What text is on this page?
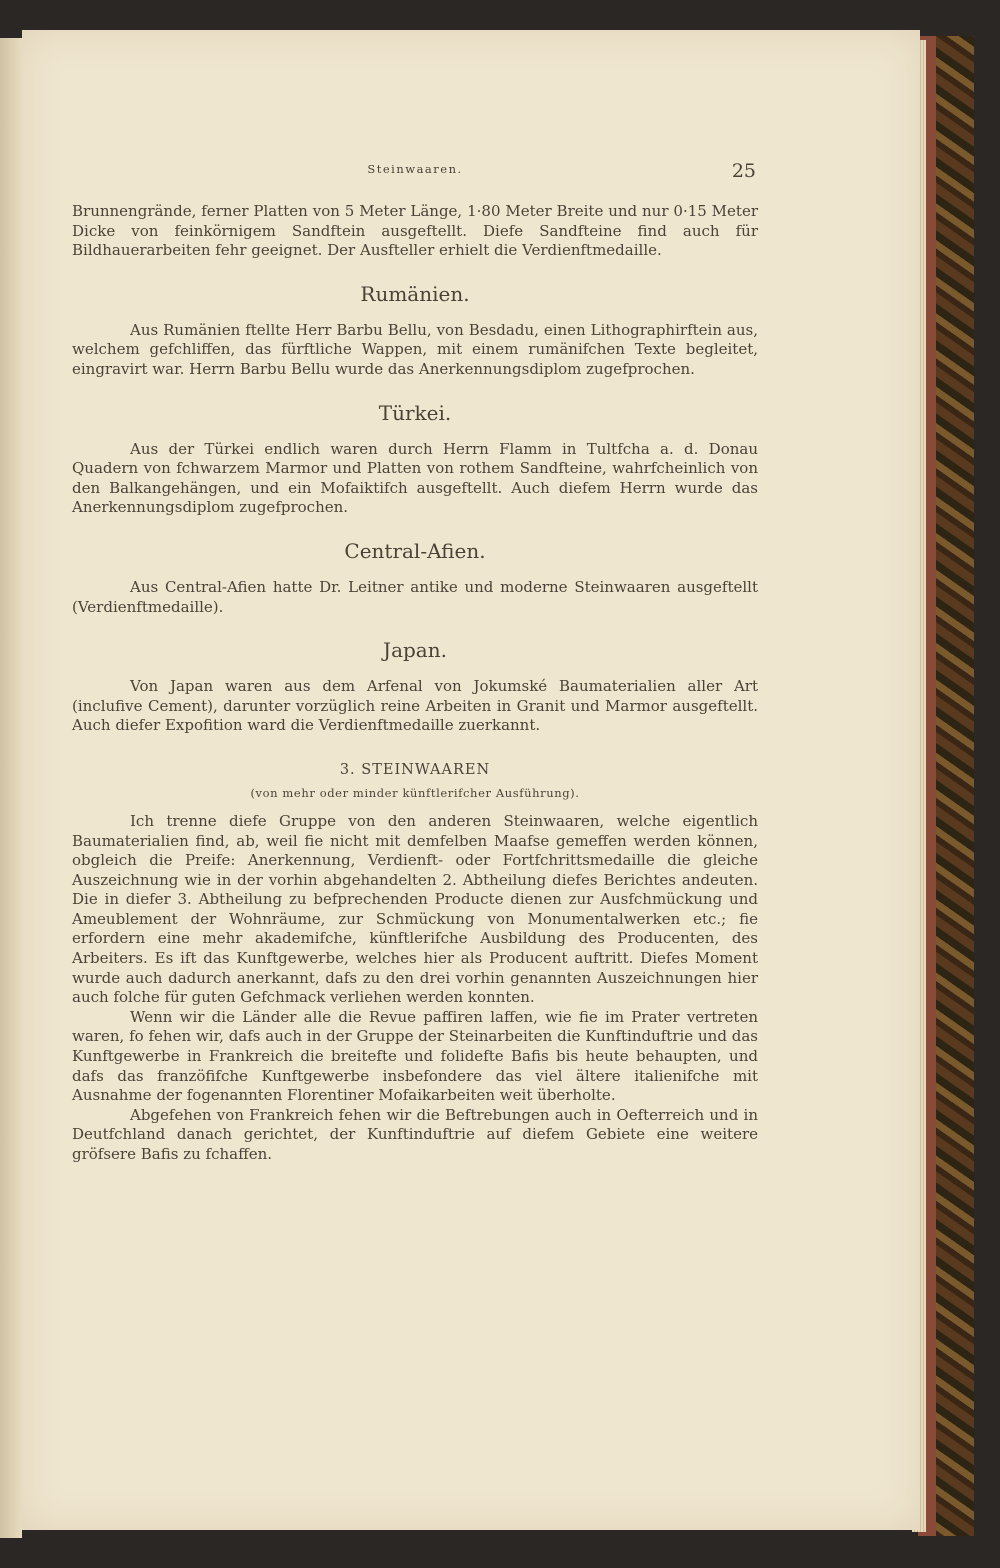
Steinwaaren.	25

Brunnengrände, ferner Platten von 5 Meter Länge, 1·80 Meter Breite und nur 0·15 Meter Dicke von feinkörnigem Sandftein ausgeftellt. Diefe Sandfteine find auch für Bildhauerarbeiten fehr geeignet. Der Ausfteller erhielt die Verdienftmedaille.

Rumänien.

Aus Rumänien ftellte Herr Barbu Bellu, von Besdadu, einen Lithographirftein aus, welchem gefchliffen, das fürftliche Wappen, mit einem rumänifchen Texte begleitet, eingravirt war. Herrn Barbu Bellu wurde das Anerkennungsdiplom zugefprochen.

Türkei.

Aus der Türkei endlich waren durch Herrn Flamm in Tultfcha a. d. Donau Quadern von fchwarzem Marmor und Platten von rothem Sandfteine, wahrfcheinlich von den Balkangehängen, und ein Mofaiktifch ausgeftellt. Auch diefem Herrn wurde das Anerkennungsdiplom zugefprochen.

Central-Afien.

Aus Central-Afien hatte Dr. Leitner antike und moderne Steinwaaren ausgeftellt (Verdienftmedaille).

Japan.

Von Japan waren aus dem Arfenal von Jokumské Baumaterialien aller Art (inclufive Cement), darunter vorzüglich reine Arbeiten in Granit und Marmor ausgeftellt. Auch diefer Expofition ward die Verdienftmedaille zuerkannt.

3. STEINWAAREN
(von mehr oder minder künftlerifcher Ausführung).

Ich trenne diefe Gruppe von den anderen Steinwaaren, welche eigentlich Baumaterialien find, ab, weil fie nicht mit demfelben Maafse gemeffen werden können, obgleich die Preife: Anerkennung, Verdienft- oder Fortfchrittsmedaille die gleiche Auszeichnung wie in der vorhin abgehandelten 2. Abtheilung diefes Berichtes andeuten. Die in diefer 3. Abtheilung zu befprechenden Producte dienen zur Ausfchmückung und Ameublement der Wohnräume, zur Schmückung von Monumentalwerken etc.; fie erfordern eine mehr akademifche, künftlerifche Ausbildung des Producenten, des Arbeiters. Es ift das Kunftgewerbe, welches hier als Producent auftritt. Diefes Moment wurde auch dadurch anerkannt, dafs zu den drei vorhin genannten Auszeichnungen hier auch folche für guten Gefchmack verliehen werden konnten.

Wenn wir die Länder alle die Revue paffiren laffen, wie fie im Prater vertreten waren, fo fehen wir, dafs auch in der Gruppe der Steinarbeiten die Kunftinduftrie und das Kunftgewerbe in Frankreich die breitefte und folidefte Bafis bis heute behaupten, und dafs das franzöfifche Kunftgewerbe insbefondere das viel ältere italienifche mit Ausnahme der fogenannten Florentiner Mofaikarbeiten weit überholte.

Abgefehen von Frankreich fehen wir die Beftrebungen auch in Oefterreich und in Deutfchland danach gerichtet, der Kunftinduftrie auf diefem Gebiete eine weitere gröfsere Bafis zu fchaffen.
